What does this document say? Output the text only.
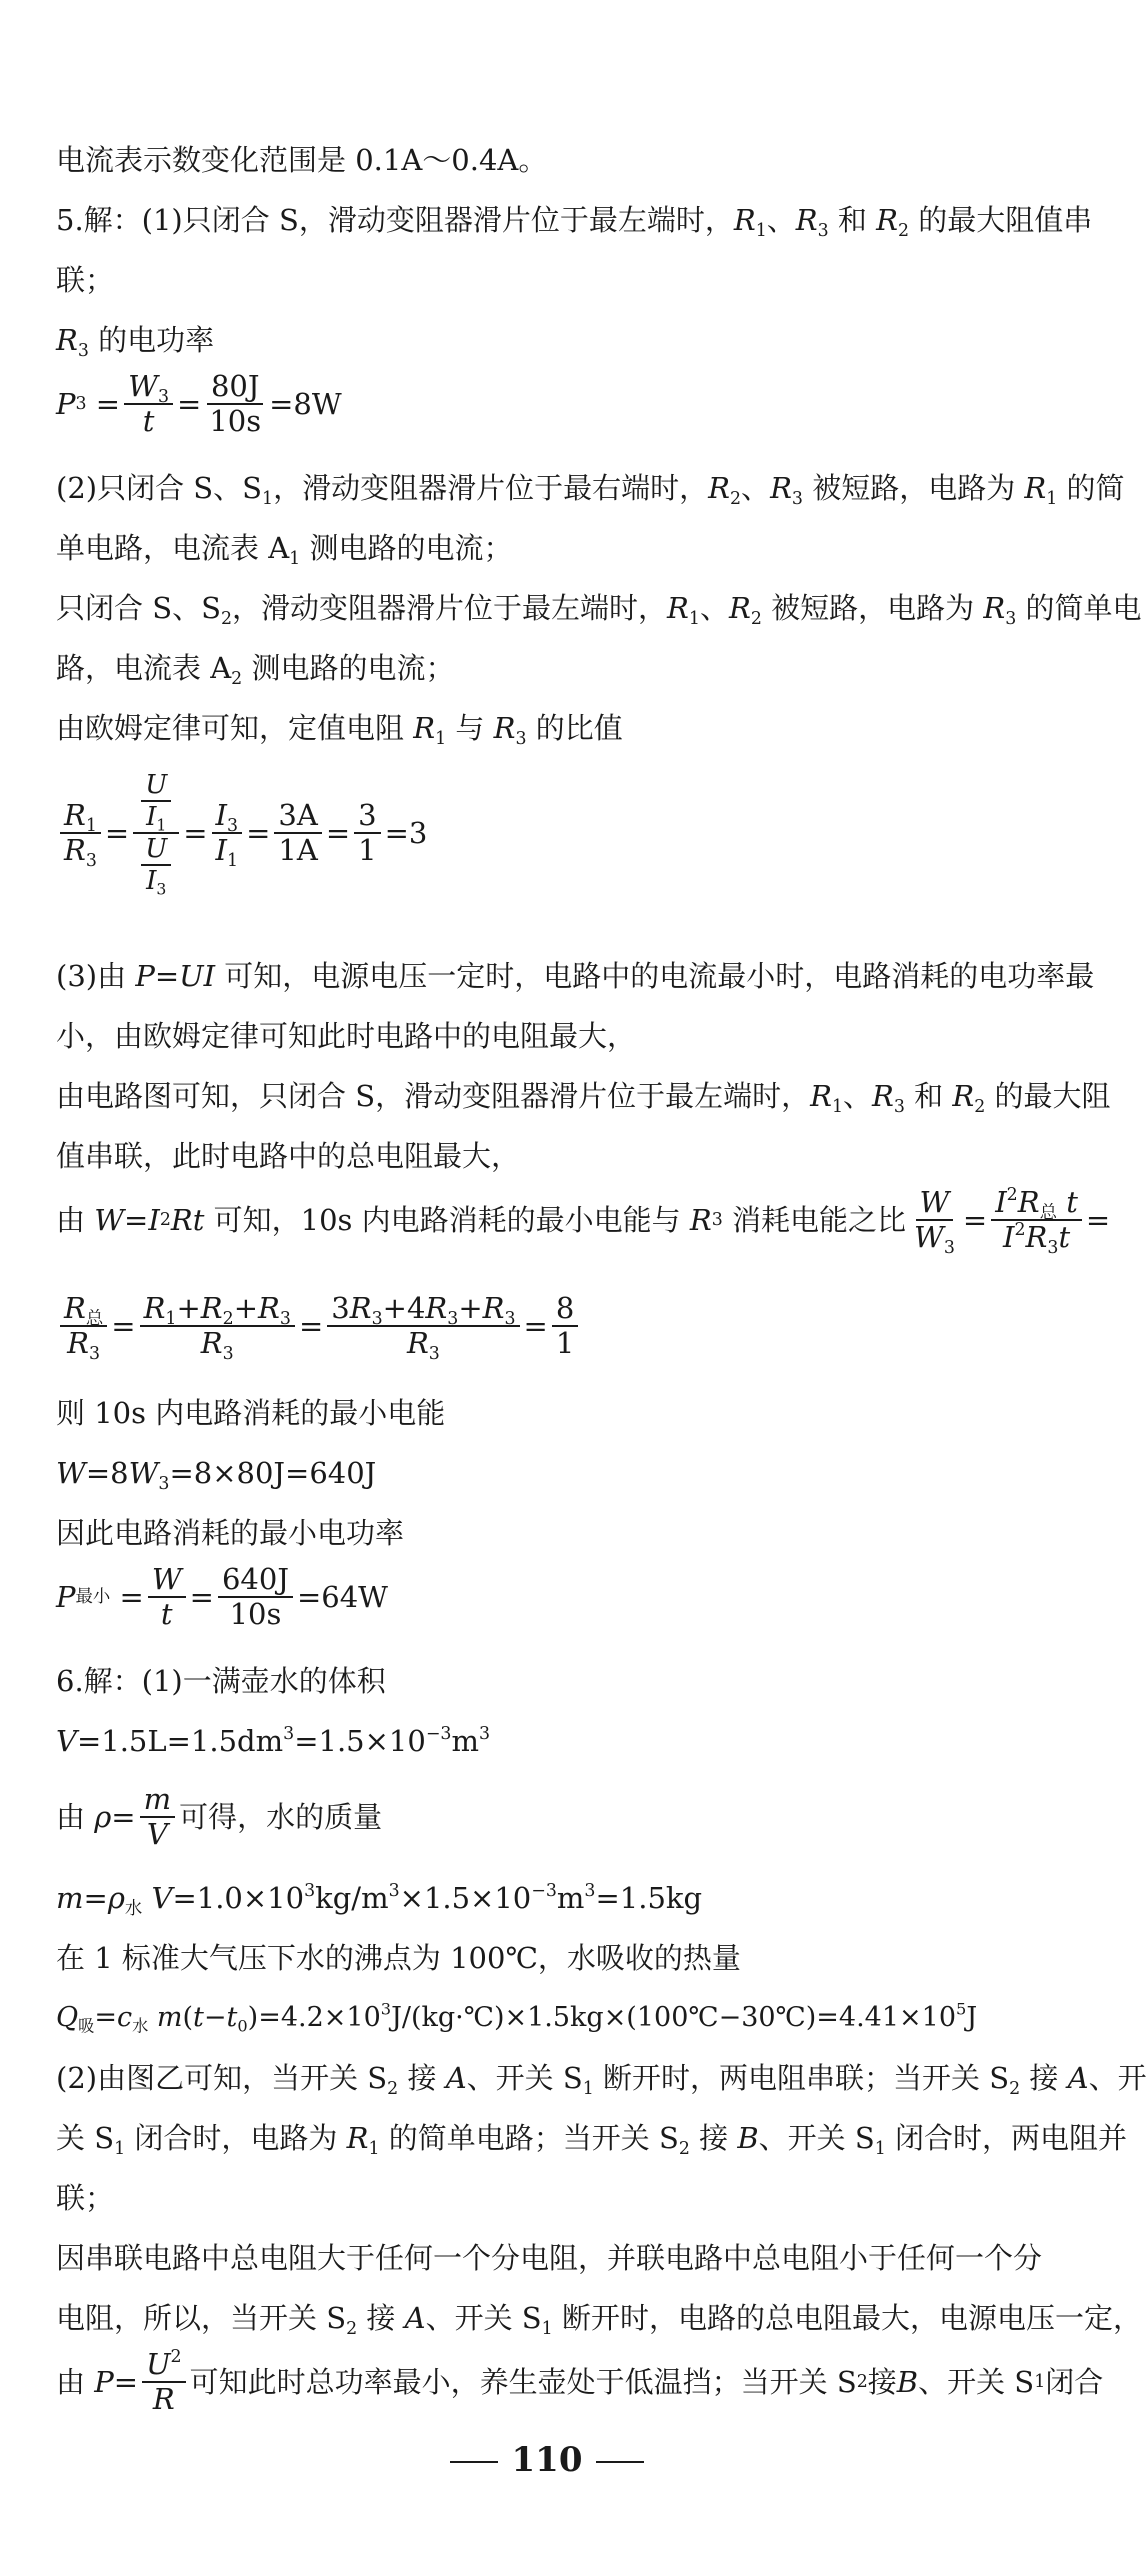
电流表示数变化范围是 0.1A～0.4A。
5.解：(1)只闭合 S，滑动变阻器滑片位于最左端时，$R_1$、$R_3$ 和 $R_2$ 的最大阻值串
联；
$R_3$ 的电功率
P $3 = \frac{W_3}{t} = \frac{80J}{10s} =8W$
(2)只闭合 S、$S_1$，滑动变阻器滑片位于最右端时，$R_2$、$R_3$ 被短路，电路为 $R_1$ 的简
单电路，电流表 $A_1$ 测电路的电流；
只闭合 S、$S_2$，滑动变阻器滑片位于最左端时，$R_1$、$R_2$ 被短路，电路为 $R_3$ 的简单电
路，电流表 $A_2$ 测电路的电流；
由欧姆定律可知，定值电阻 $R_1$ 与 $R_3$ 的比值
$\frac{R_1}{R_3} = \frac{\frac{U}{I_1}}{\frac{U}{I_3}} = \frac{I_3}{I_1} = \frac{3A}{1A} = \frac{3}{1} =3$
(3)由 P=UI 可知，电源电压一定时，电路中的电流最小时，电路消耗的电功率最
小，由欧姆定律可知此时电路中的电阻最大，
由电路图可知，只闭合 S，滑动变阻器滑片位于最左端时，$R_1$、$R_3$ 和 $R_2$ 的最大阻
值串联，此时电路中的总电阻最大，
由 W = I 2 Rt 可知，10s 内电路消耗的最小电能与 R 3 消耗电能之比 $\frac{W}{W_3} = \frac{I^2R_总 t}{I^2R_3t}$ =
$\frac{R_总}{R_3} = \frac{R_1+R_2+R_3}{R_3} = \frac{3R_3+4R_3+R_3}{R_3} = \frac{8}{1}$
则 10s 内电路消耗的最小电能
$W=8W_3=8\times 80J=640J$
因此电路消耗的最小电功率
P 最小 = $\frac{W}{t} = \frac{640J}{10s} =64W$
6.解：(1)一满壶水的体积
$V=1.5L=1.5dm^3=1.5\times 10^{-3}m^3$
由 $\rho = \frac{m}{V}$ 可得，水的质量
$m=\rho_水$ $V=1.0\times 10^3kg/m^3\times 1.5\times 10^{-3}m^3=1.5kg$
在 1 标准大气压下水的沸点为 100℃，水吸收的热量
$Q_吸=c_水$ $m(t-t_0)=4.2\times 10^3J/(kg\cdot℃)\times 1.5kg\times(100℃-30℃)=4.41\times 10^5J$
(2)由图乙可知，当开关 $S_2$ 接 A、开关 $S_1$ 断开时，两电阻串联；当开关 $S_2$ 接 A、开
关 $S_1$ 闭合时，电路为 $R_1$ 的简单电路；当开关 $S_2$ 接 B、开关 $S_1$ 闭合时，两电阻并
联；
因串联电路中总电阻大于任何一个分电阻，并联电路中总电阻小于任何一个分
电阻，所以，当开关 $S_2$ 接 A、开关 $S_1$ 断开时，电路的总电阻最大，电源电压一定，
由 $P = \frac{U^2}{R}$ 可知此时总功率最小，养生壶处于低温挡；当开关 S 2 接 B 、开关 S 1 闭合
110
